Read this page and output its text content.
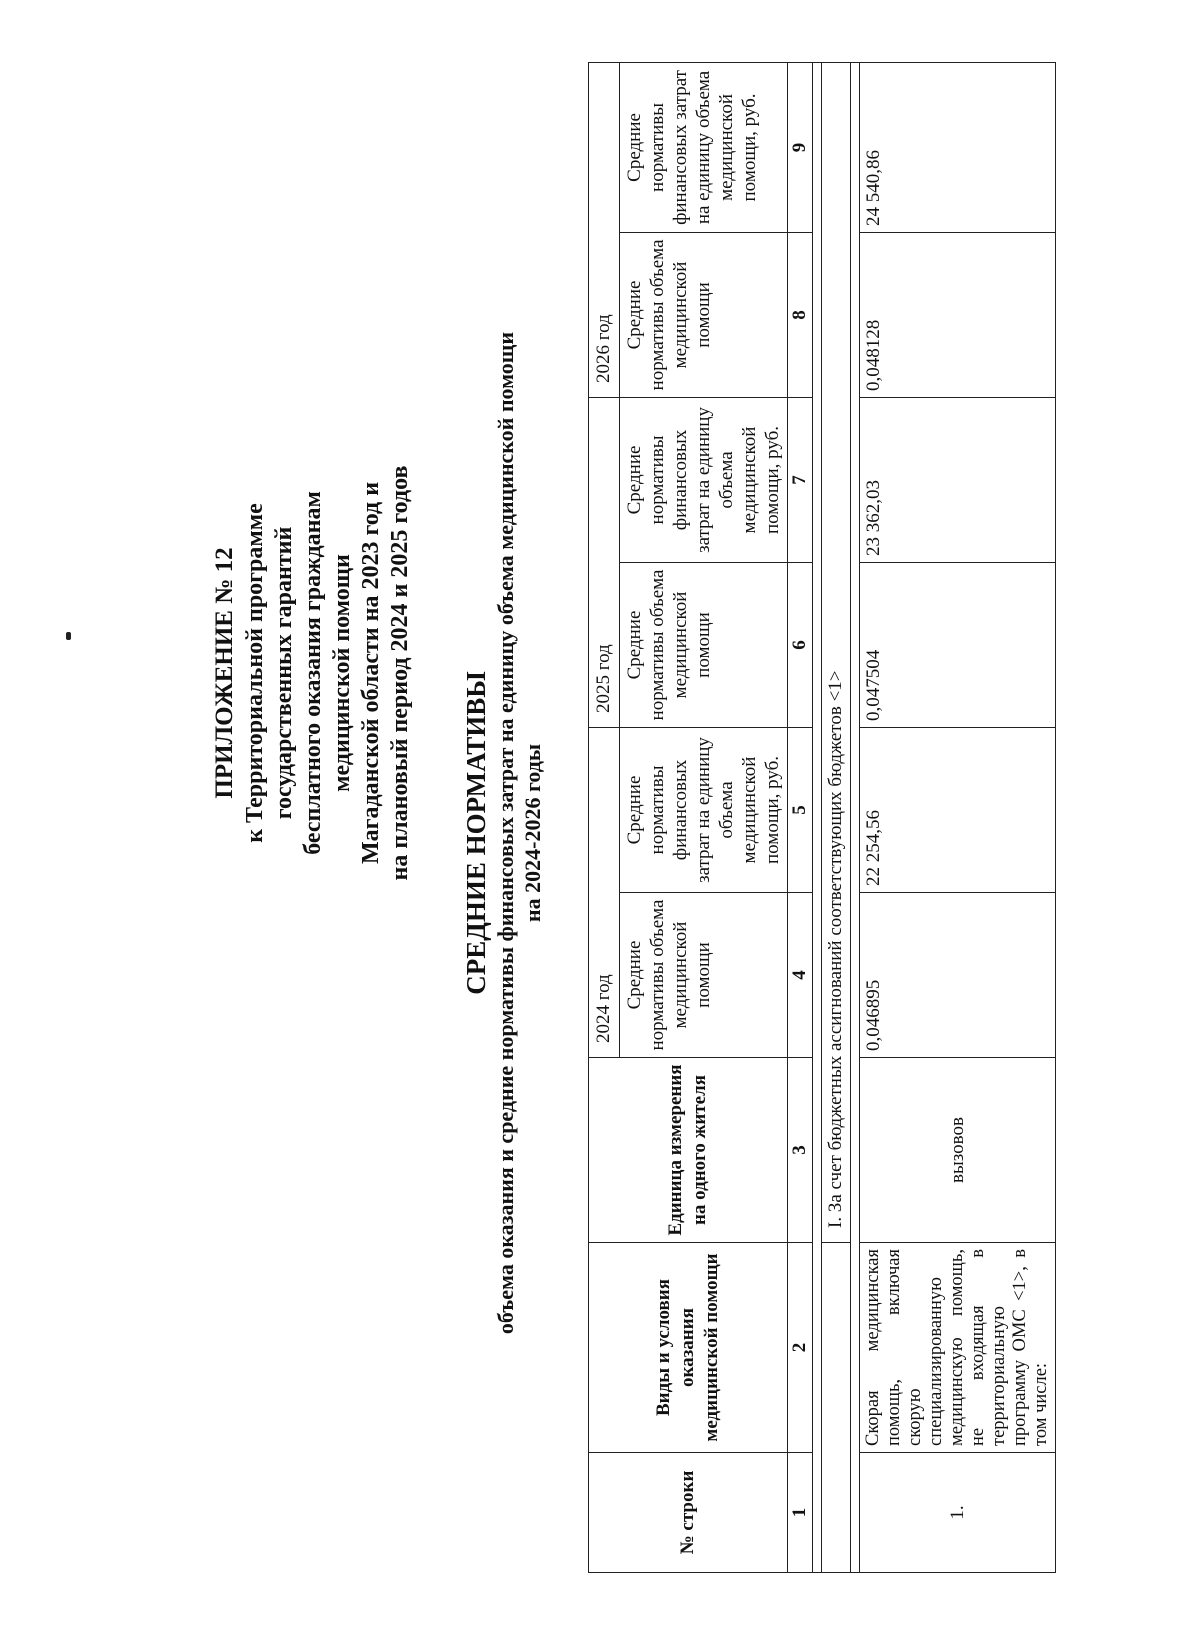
ПРИЛОЖЕНИЕ № 12 к Территориальной программе государственных гарантий бесплатного оказания гражданам медицинской помощи Магаданской области на 2023 год и на плановый период 2024 и 2025 годов СРЕДНИЕ НОРМАТИВЫ объема оказания и средние нормативы финансовых затрат на единицу объема медицинской помощи на 2024-2026 годы
№ строки	Виды и условия оказания медицинской помощи	Единица измерения на одного жителя	2024 год		2025 год		2026 год	
			Средние нормативы объема медицинской помощи	Средние нормативы финансовых затрат на единицу объема медицинской помощи, руб.	Средние нормативы объема медицинской помощи	Средние нормативы финансовых затрат на единицу объема медицинской помощи, руб.	Средние нормативы объема медицинской помощи	Средние нормативы финансовых затрат на единицу объема медицинской помощи, руб.
1	2	3	4	5	6	7	8	9

		I. За счет бюджетных ассигнований соответствующих бюджетов <1>						

1.	Скорая медицинская помощь, включая скорую специализированную медицинскую помощь, не входящая в территориальную программу ОМС <1>, в том числе:	вызовов	0,046895	22 254,56	0,047504	23 362,03	0,048128	24 540,86
